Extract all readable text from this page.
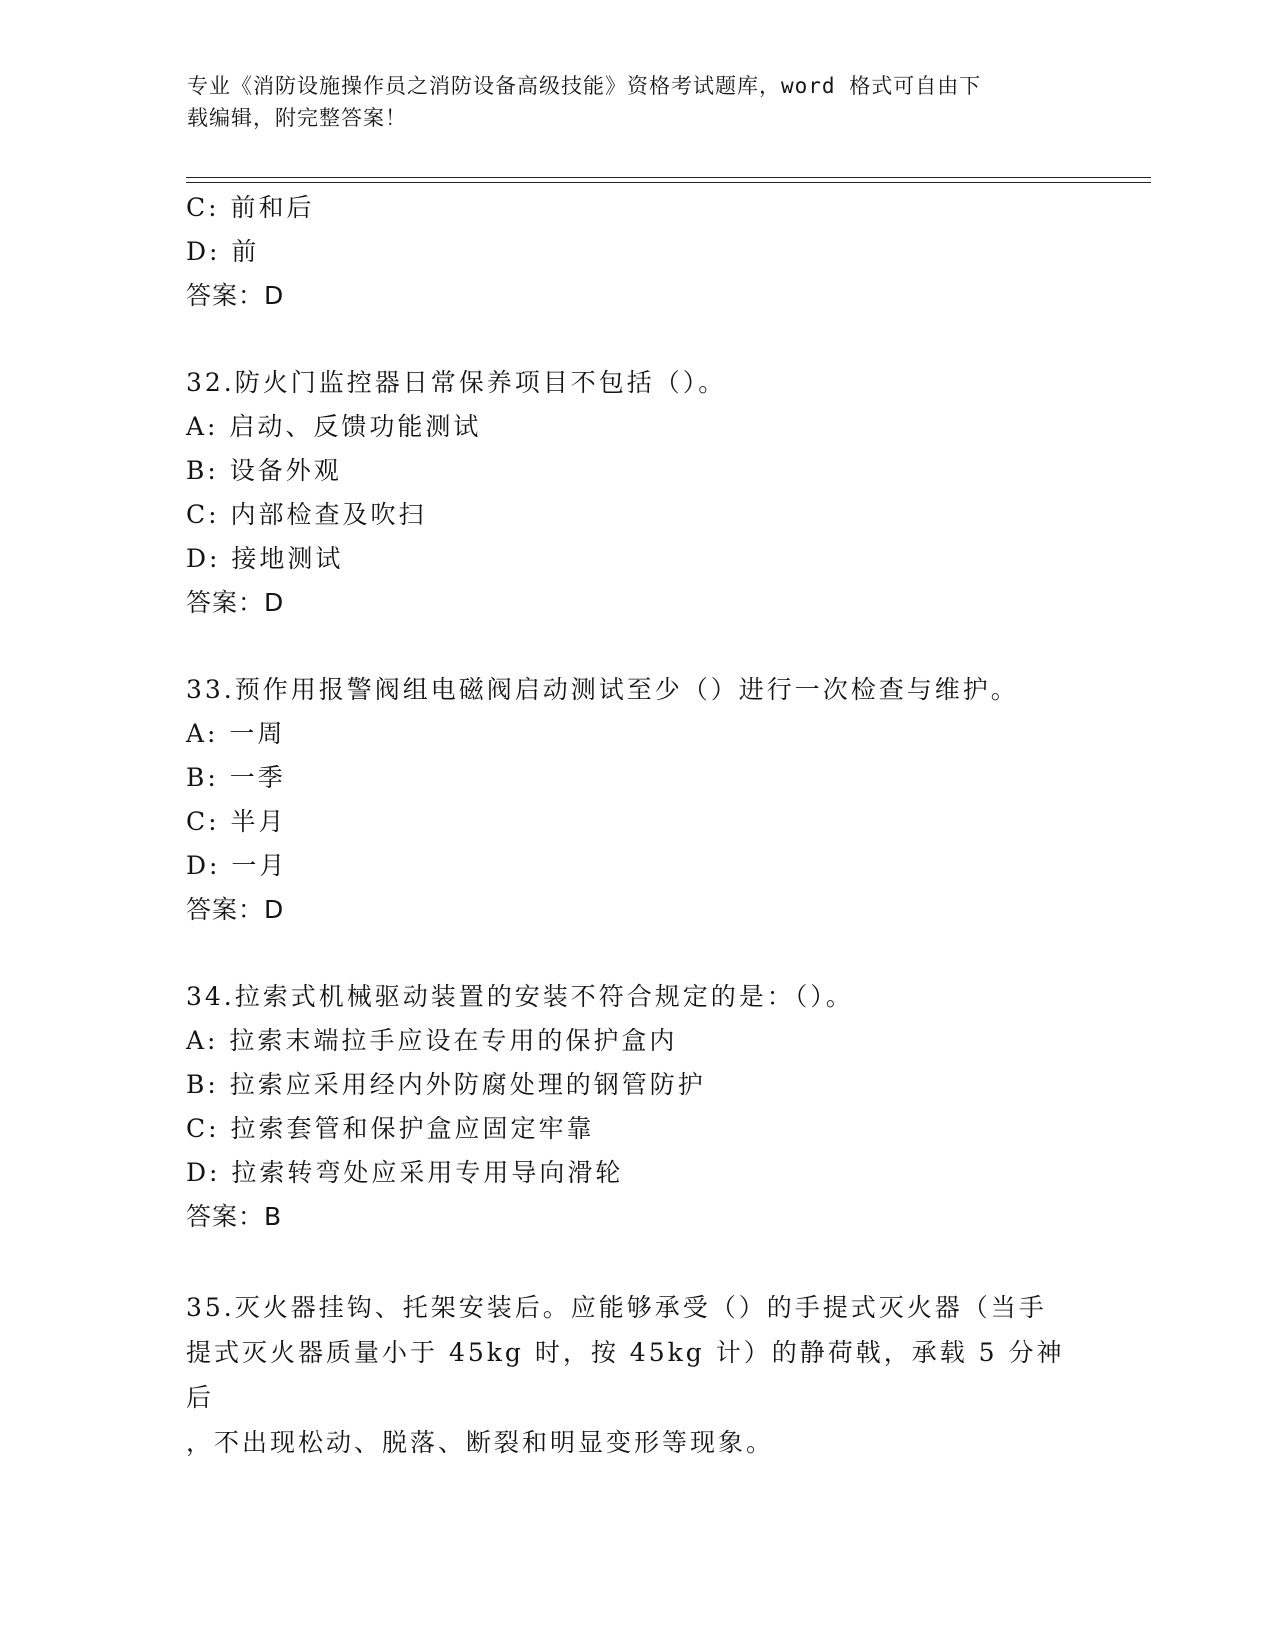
专业《消防设施操作员之消防设备高级技能》资格考试题库，word 格式可自由下
载编辑，附完整答案！
C: 前和后
D: 前
答案：D
32.防火门监控器日常保养项目不包括（）。
A: 启动、反馈功能测试
B: 设备外观
C: 内部检查及吹扫
D: 接地测试
答案：D
33.预作用报警阀组电磁阀启动测试至少（）进行一次检查与维护。
A: 一周
B: 一季
C: 半月
D: 一月
答案：D
34.拉索式机械驱动装置的安装不符合规定的是：（）。
A: 拉索末端拉手应设在专用的保护盒内
B: 拉索应采用经内外防腐处理的钢管防护
C: 拉索套管和保护盒应固定牢靠
D: 拉索转弯处应采用专用导向滑轮
答案：B
35.灭火器挂钩、托架安装后。应能够承受（）的手提式灭火器（当手
提式灭火器质量小于 45kg 时，按 45kg 计）的静荷戟，承载 5 分神后
，不出现松动、脱落、断裂和明显变形等现象。
